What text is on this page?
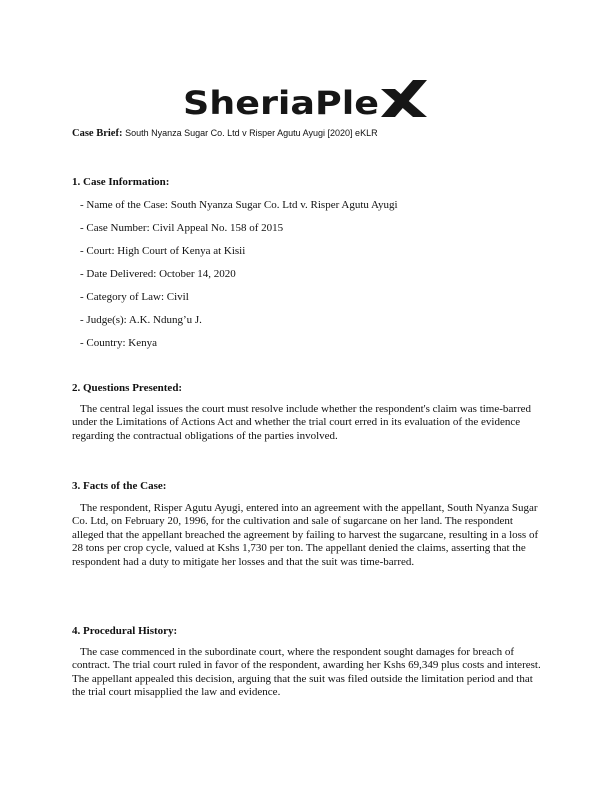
SheriaPle
Case Brief: South Nyanza Sugar Co. Ltd v Risper Agutu Ayugi [2020] eKLR
1. Case Information:
- Name of the Case: South Nyanza Sugar Co. Ltd v. Risper Agutu Ayugi
- Case Number: Civil Appeal No. 158 of 2015
- Court: High Court of Kenya at Kisii
- Date Delivered: October 14, 2020
- Category of Law: Civil
- Judge(s): A.K. Ndung’u J.
- Country: Kenya
2. Questions Presented:

The central legal issues the court must resolve include whether the respondent's claim was time-barred under the Limitations of Actions Act and whether the trial court erred in its evaluation of the evidence regarding the contractual obligations of the parties involved.

3. Facts of the Case:

The respondent, Risper Agutu Ayugi, entered into an agreement with the appellant, South Nyanza Sugar Co. Ltd, on February 20, 1996, for the cultivation and sale of sugarcane on her land. The respondent alleged that the appellant breached the agreement by failing to harvest the sugarcane, resulting in a loss of 28 tons per crop cycle, valued at Kshs 1,730 per ton. The appellant denied the claims, asserting that the respondent had a duty to mitigate her losses and that the suit was time-barred.

4. Procedural History:

The case commenced in the subordinate court, where the respondent sought damages for breach of contract. The trial court ruled in favor of the respondent, awarding her Kshs 69,349 plus costs and interest. The appellant appealed this decision, arguing that the suit was filed outside the limitation period and that the trial court misapplied the law and evidence.
